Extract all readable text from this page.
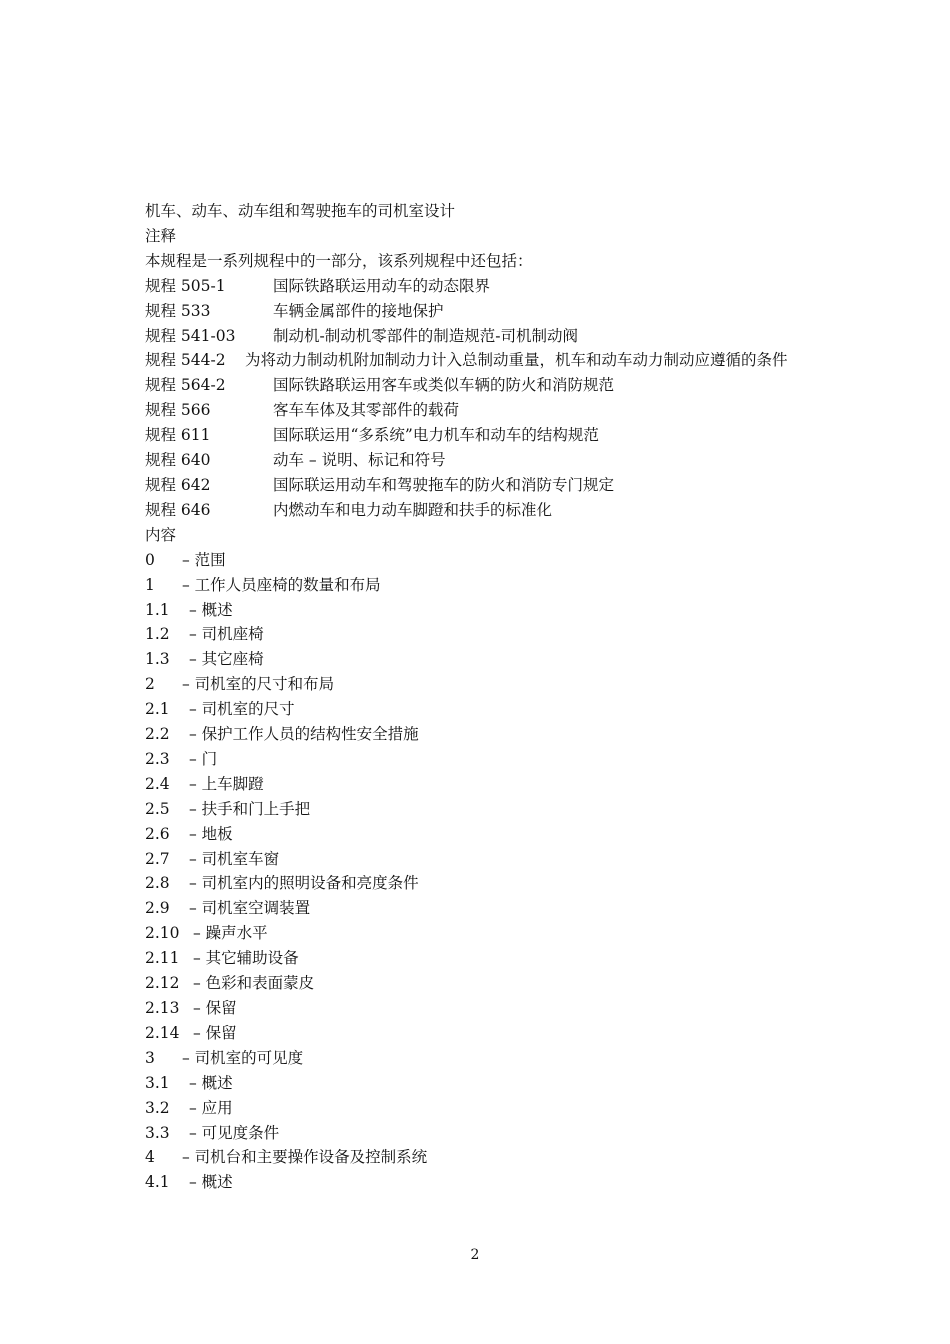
机车、动车、动车组和驾驶拖车的司机室设计
注释
本规程是一系列规程中的一部分，该系列规程中还包括：
规程 505-1	国际铁路联运用动车的动态限界
规程 533	车辆金属部件的接地保护
规程 541-03	制动机-制动机零部件的制造规范-司机制动阀
规程 544-2 为将动力制动机附加制动力计入总制动重量，机车和动车动力制动应遵循的条件
规程 564-2	国际铁路联运用客车或类似车辆的防火和消防规范
规程 566	客车车体及其零部件的载荷
规程 611	国际联运用“多系统”电力机车和动车的结构规范
规程 640	动车 – 说明、标记和符号
规程 642	国际联运用动车和驾驶拖车的防火和消防专门规定
规程 646	内燃动车和电力动车脚蹬和扶手的标准化
内容
0	– 范围
1	– 工作人员座椅的数量和布局
1.1	– 概述
1.2	– 司机座椅
1.3	– 其它座椅
2	– 司机室的尺寸和布局
2.1	– 司机室的尺寸
2.2	– 保护工作人员的结构性安全措施
2.3	– 门
2.4	– 上车脚蹬
2.5	– 扶手和门上手把
2.6	– 地板
2.7	– 司机室车窗
2.8	– 司机室内的照明设备和亮度条件
2.9	– 司机室空调装置
2.10 – 躁声水平
2.11 – 其它辅助设备
2.12 – 色彩和表面蒙皮
2.13 – 保留
2.14 – 保留
3	– 司机室的可见度
3.1	– 概述
3.2	– 应用
3.3	– 可见度条件
4	– 司机台和主要操作设备及控制系统
4.1	– 概述
2
